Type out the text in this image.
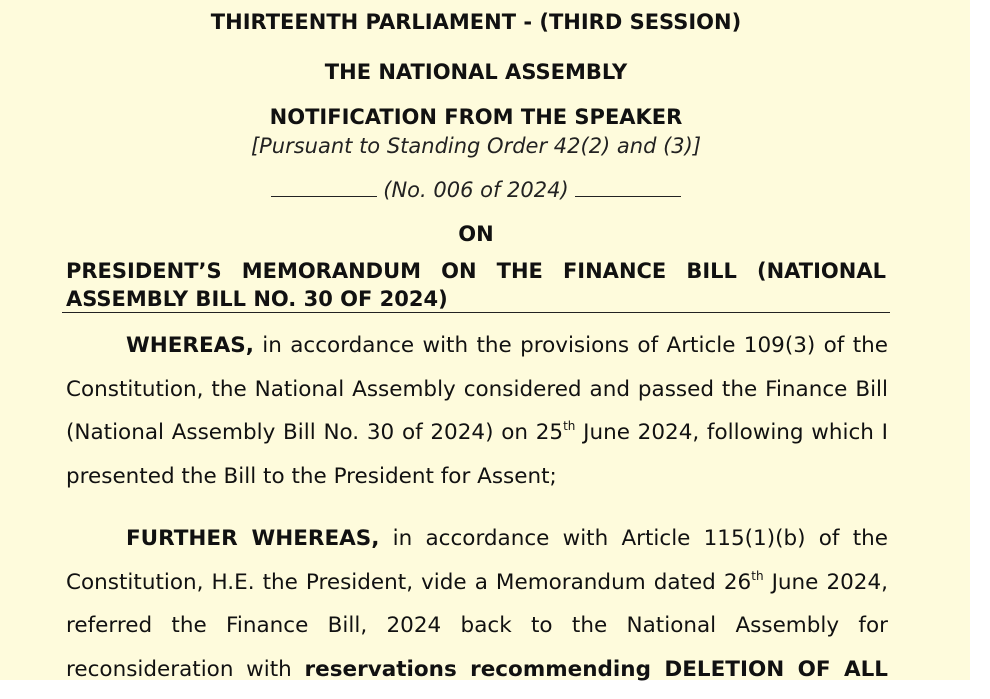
THIRTEENTH PARLIAMENT - (THIRD SESSION)
THE NATIONAL ASSEMBLY
NOTIFICATION FROM THE SPEAKER
[Pursuant to Standing Order 42(2) and (3)]
(No. 006 of 2024)
ON
PRESIDENT’S MEMORANDUM ON THE FINANCE BILL (NATIONAL
ASSEMBLY BILL NO. 30 OF 2024)
WHEREAS, in accordance with the provisions of Article 109(3) of the
Constitution, the National Assembly considered and passed the Finance Bill
(National Assembly Bill No. 30 of 2024) on 25th June 2024, following which I
presented the Bill to the President for Assent;
FURTHER WHEREAS, in accordance with Article 115(1)(b) of the
Constitution, H.E. the President, vide a Memorandum dated 26th June 2024,
referred the Finance Bill, 2024 back to the National Assembly for
reconsideration with reservations recommending DELETION OF ALL
